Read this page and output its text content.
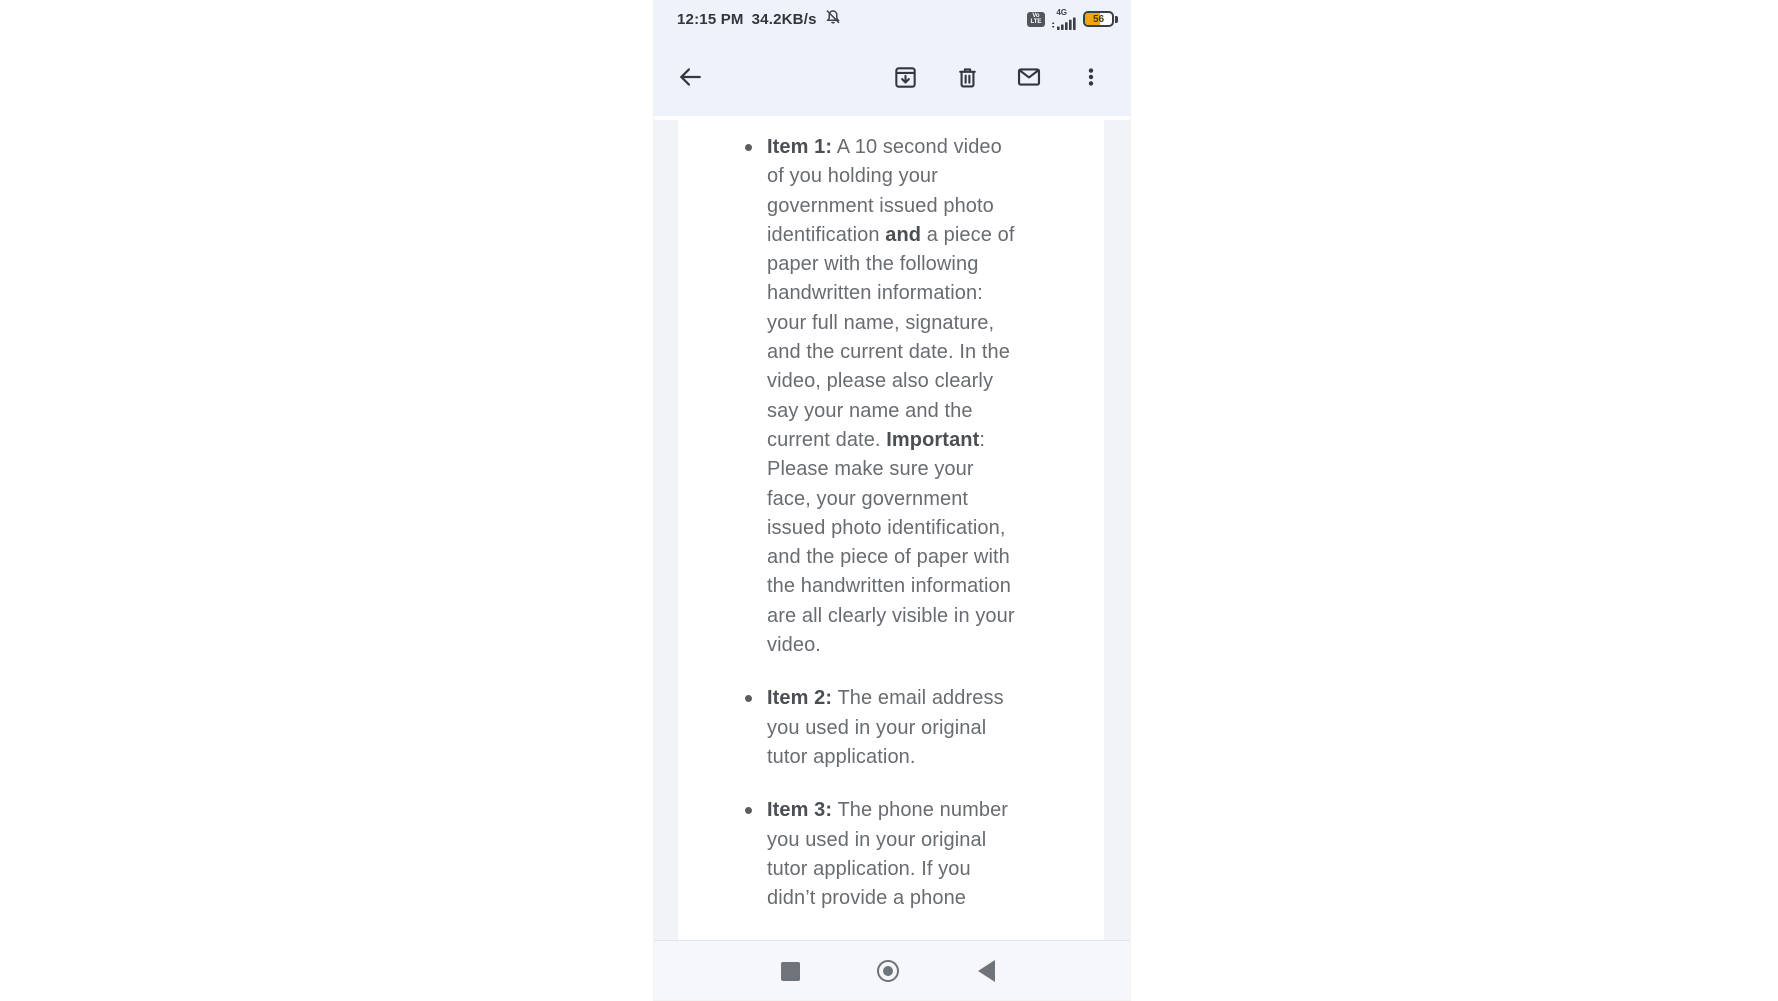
12:15 PM 34.2KB/s	Vo
LTE
4G
56
Item 1: A 10 second video of you holding your government issued photo identification and a piece of paper with the following handwritten information: your full name, signature, and the current date. In the video, please also clearly say your name and the current date. Important: Please make sure your face, your government issued photo identification, and the piece of paper with the handwritten information are all clearly visible in your video.
Item 2: The email address you used in your original tutor application.
Item 3: The phone number you used in your original tutor application. If you didn’t provide a phone
